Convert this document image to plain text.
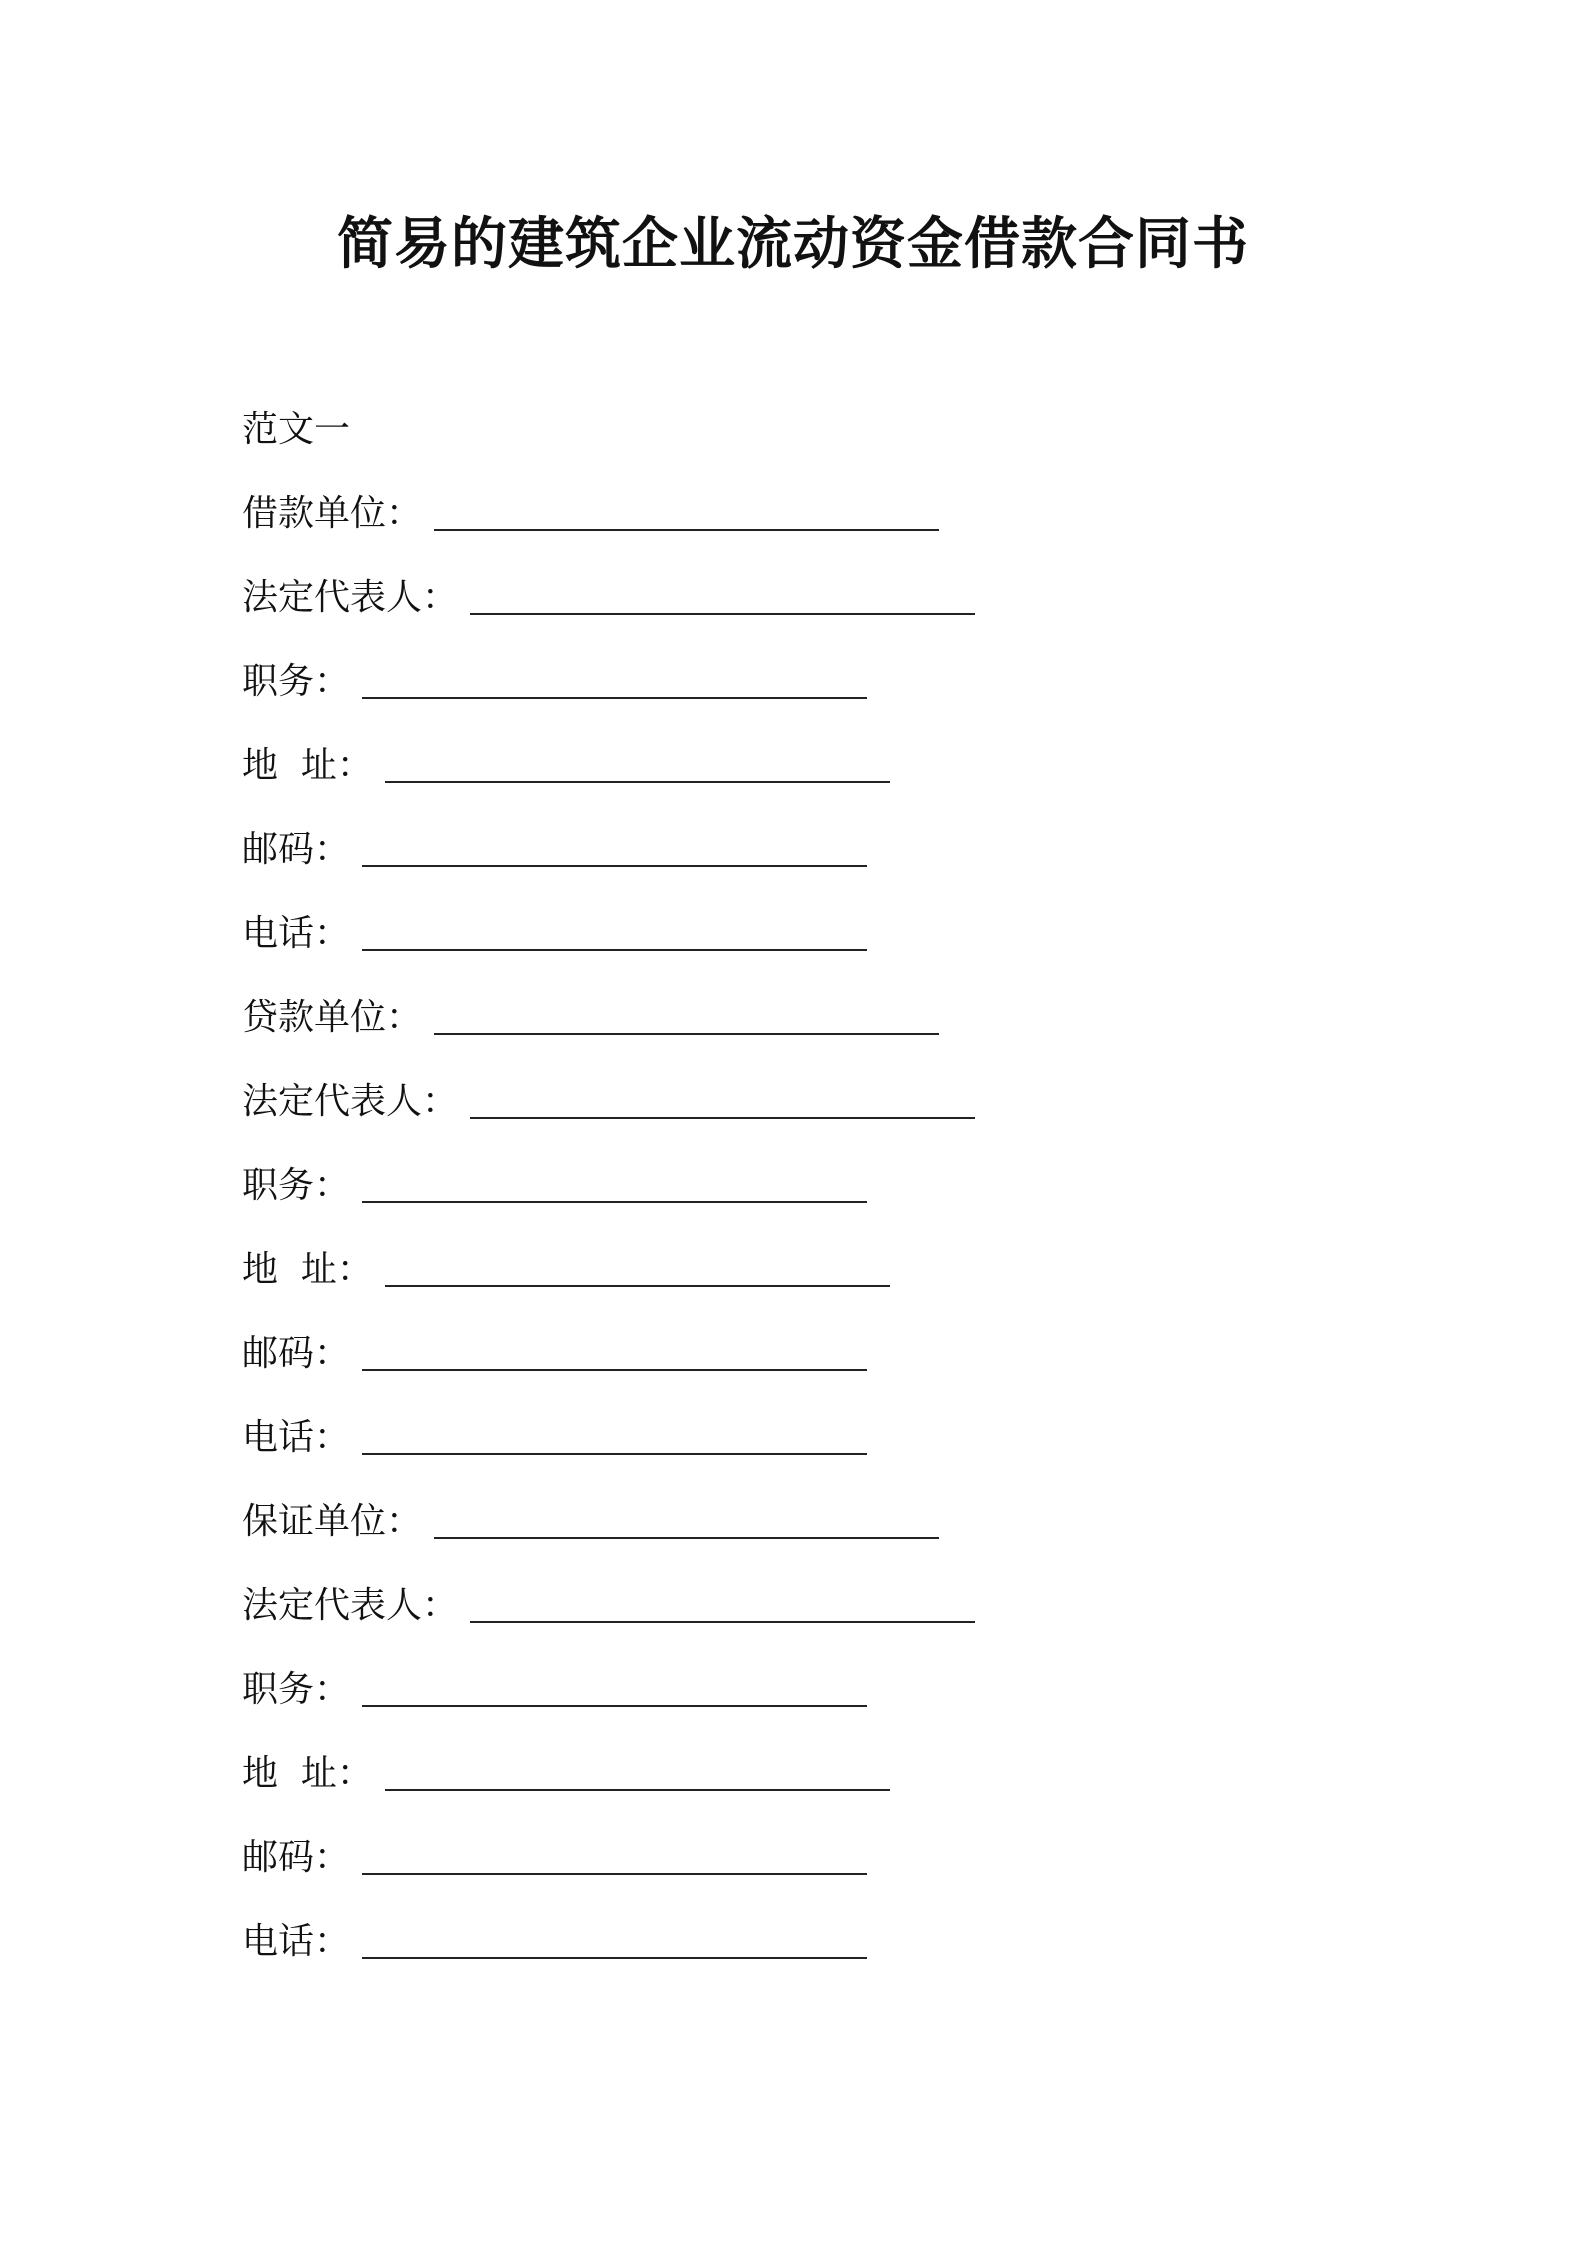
简易的建筑企业流动资金借款合同书
范文一
借款单位 ：
法定代表人 ：
职务 ：
地  址 ：
邮码 ：
电话 ：
贷款单位 ：
法定代表人 ：
职务 ：
地  址 ：
邮码 ：
电话 ：
保证单位 ：
法定代表人 ：
职务 ：
地  址 ：
邮码 ：
电话 ：
